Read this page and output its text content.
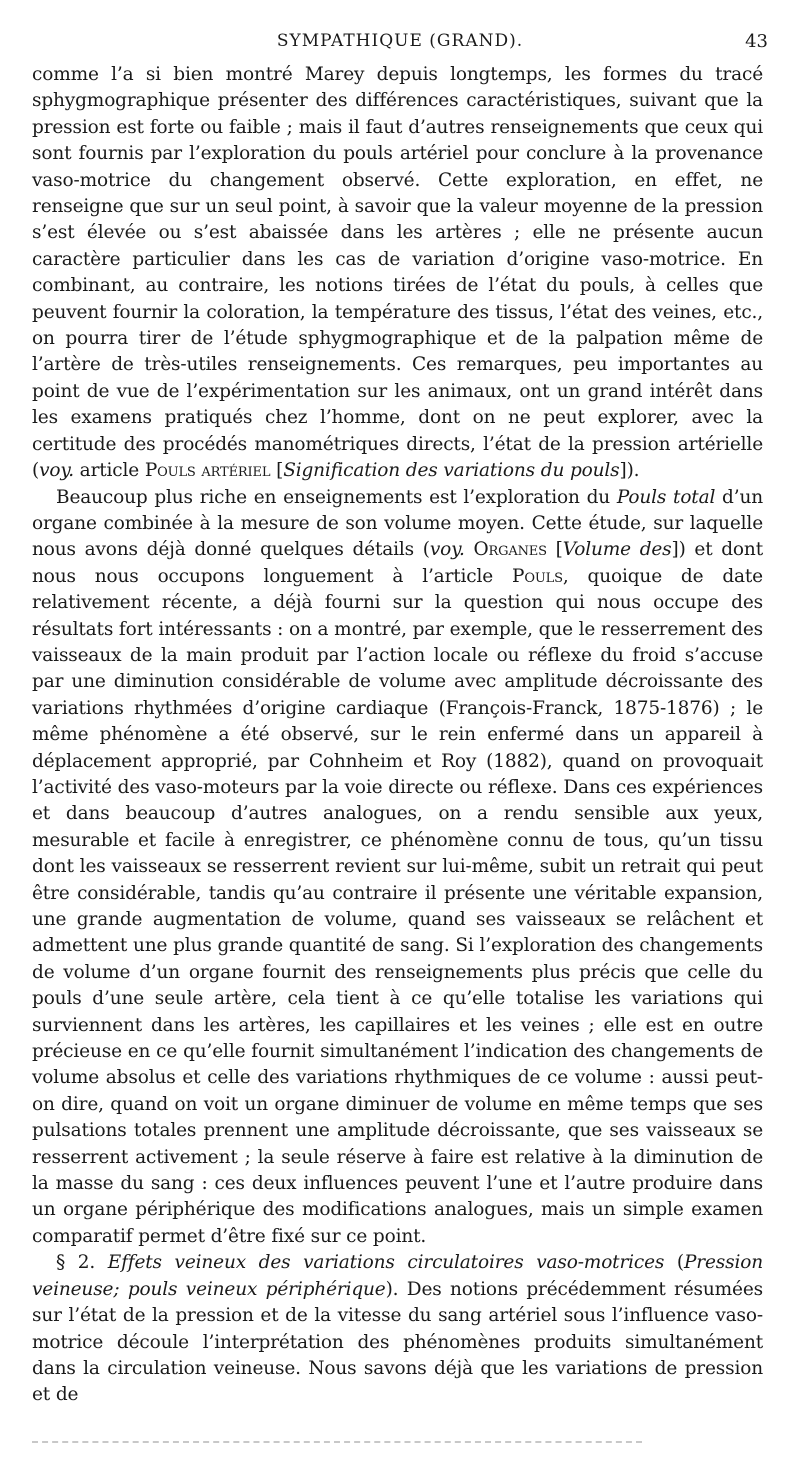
SYMPATHIQUE (GRAND).	43

comme l’a si bien montré Marey depuis longtemps, les formes du tracé sphygmographique présenter des différences caractéristiques, suivant que la pression est forte ou faible ; mais il faut d’autres renseignements que ceux qui sont fournis par l’exploration du pouls artériel pour conclure à la provenance vaso-motrice du changement observé. Cette exploration, en effet, ne renseigne que sur un seul point, à savoir que la valeur moyenne de la pression s’est élevée ou s’est abaissée dans les artères ; elle ne présente aucun caractère particulier dans les cas de variation d’origine vaso-motrice. En combinant, au contraire, les notions tirées de l’état du pouls, à celles que peuvent fournir la coloration, la température des tissus, l’état des veines, etc., on pourra tirer de l’étude sphygmographique et de la palpation même de l’artère de très-utiles renseignements. Ces remarques, peu importantes au point de vue de l’expérimentation sur les animaux, ont un grand intérêt dans les examens pratiqués chez l’homme, dont on ne peut explorer, avec la certitude des procédés manométriques directs, l’état de la pression artérielle (voy. article Pouls artériel [Signification des variations du pouls]).

Beaucoup plus riche en enseignements est l’exploration du Pouls total d’un organe combinée à la mesure de son volume moyen. Cette étude, sur laquelle nous avons déjà donné quelques détails (voy. Organes [Volume des]) et dont nous nous occupons longuement à l’article Pouls, quoique de date relativement récente, a déjà fourni sur la question qui nous occupe des résultats fort intéressants : on a montré, par exemple, que le resserrement des vaisseaux de la main produit par l’action locale ou réflexe du froid s’accuse par une diminution considérable de volume avec amplitude décroissante des variations rhythmées d’origine cardiaque (François-Franck, 1875-1876) ; le même phénomène a été observé, sur le rein enfermé dans un appareil à déplacement approprié, par Cohnheim et Roy (1882), quand on provoquait l’activité des vaso-moteurs par la voie directe ou réflexe. Dans ces expériences et dans beaucoup d’autres analogues, on a rendu sensible aux yeux, mesurable et facile à enregistrer, ce phénomène connu de tous, qu’un tissu dont les vaisseaux se resserrent revient sur lui-même, subit un retrait qui peut être considérable, tandis qu’au contraire il présente une véritable expansion, une grande augmentation de volume, quand ses vaisseaux se relâchent et admettent une plus grande quantité de sang. Si l’exploration des changements de volume d’un organe fournit des renseignements plus précis que celle du pouls d’une seule artère, cela tient à ce qu’elle totalise les variations qui surviennent dans les artères, les capillaires et les veines ; elle est en outre précieuse en ce qu’elle fournit simultanément l’indication des changements de volume absolus et celle des variations rhythmiques de ce volume : aussi peut-on dire, quand on voit un organe diminuer de volume en même temps que ses pulsations totales prennent une amplitude décroissante, que ses vaisseaux se resserrent activement ; la seule réserve à faire est relative à la diminution de la masse du sang : ces deux influences peuvent l’une et l’autre produire dans un organe périphérique des modifications analogues, mais un simple examen comparatif permet d’être fixé sur ce point.

§ 2. Effets veineux des variations circulatoires vaso-motrices (Pression veineuse; pouls veineux périphérique). Des notions précédemment résumées sur l’état de la pression et de la vitesse du sang artériel sous l’influence vaso-motrice découle l’interprétation des phénomènes produits simultanément dans la circulation veineuse. Nous savons déjà que les variations de pression et de
